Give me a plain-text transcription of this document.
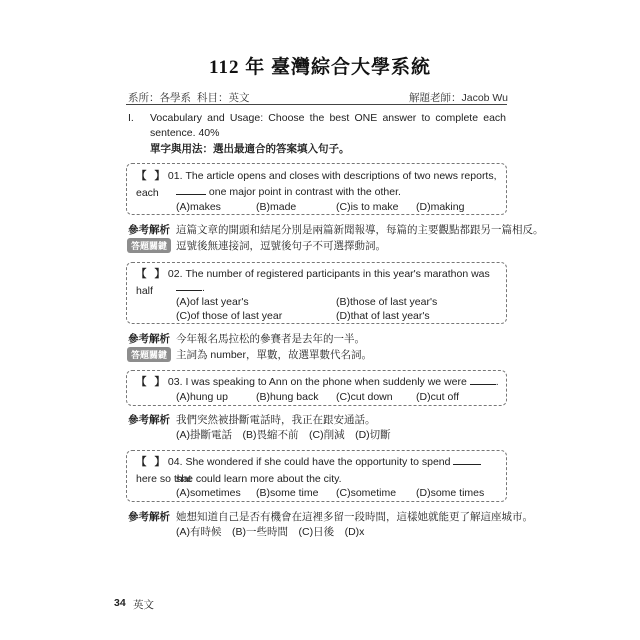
112 年 臺灣綜合大學系統
系所：各學系 科目：英文	解題老師：Jacob Wu
I. Vocabulary and Usage: Choose the best ONE answer to complete each sentence. 40%
單字與用法：選出最適合的答案填入句子。
【 】 01. The article opens and closes with descriptions of two news reports, each	one major point in contrast with the other.
(A)makes	(B)made	(C)is to make (D)making
參考解析 這篇文章的開頭和結尾分別是兩篇新聞報導，每篇的主要觀點都跟另一篇相反。
答題關鍵 逗號後無連接詞，逗號後句子不可選擇動詞。
【 】 02. The number of registered participants in this year's marathon was half	.
(A)of last year's	(B)those of last year's
(C)of those of last year	(D)that of last year's
參考解析 今年報名馬拉松的參賽者是去年的一半。
答題關鍵 主詞為 number，單數，故選單數代名詞。
【 】 03. I was speaking to Ann on the phone when suddenly we were	.
(A)hung up	(B)hung back (C)cut down (D)cut off
參考解析 我們突然被掛斷電話時，我正在跟安通話。
(A)掛斷電話　(B)畏縮不前　(C)削減　(D)切斷
【 】 04. She wondered if she could have the opportunity to spend  here so that
she could learn more about the city.
(A)sometimes (B)some time (C)sometime (D)some times
參考解析 她想知道自己是否有機會在這裡多留一段時間，這樣她就能更了解這座城市。
(A)有時候　(B)一些時間　(C)日後　(D)x
34 英文
